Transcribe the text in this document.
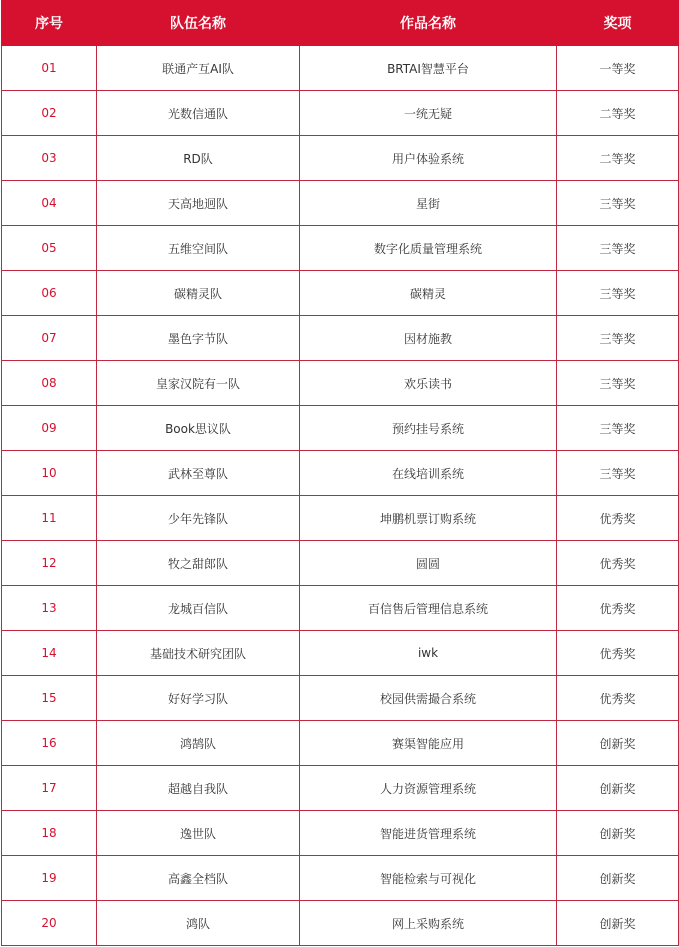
序号	队伍名称	作品名称	奖项
01	联通产互AI队	BRTAI智慧平台	一等奖
02	光数信通队	一统无疑	二等奖
03	RD队	用户体验系统	二等奖
04	天高地迥队	星街	三等奖
05	五维空间队	数字化质量管理系统	三等奖
06	碳精灵队	碳精灵	三等奖
07	墨色字节队	因材施教	三等奖
08	皇家汉院有一队	欢乐读书	三等奖
09	Book思议队	预约挂号系统	三等奖
10	武林至尊队	在线培训系统	三等奖
11	少年先锋队	坤鹏机票订购系统	优秀奖
12	牧之甜郎队	圆圆	优秀奖
13	龙城百信队	百信售后管理信息系统	优秀奖
14	基础技术研究团队	iwk	优秀奖
15	好好学习队	校园供需撮合系统	优秀奖
16	鸿鹄队	赛渠智能应用	创新奖
17	超越自我队	人力资源管理系统	创新奖
18	逸世队	智能进货管理系统	创新奖
19	高鑫全档队	智能检索与可视化	创新奖
20	鸿队	网上采购系统	创新奖
